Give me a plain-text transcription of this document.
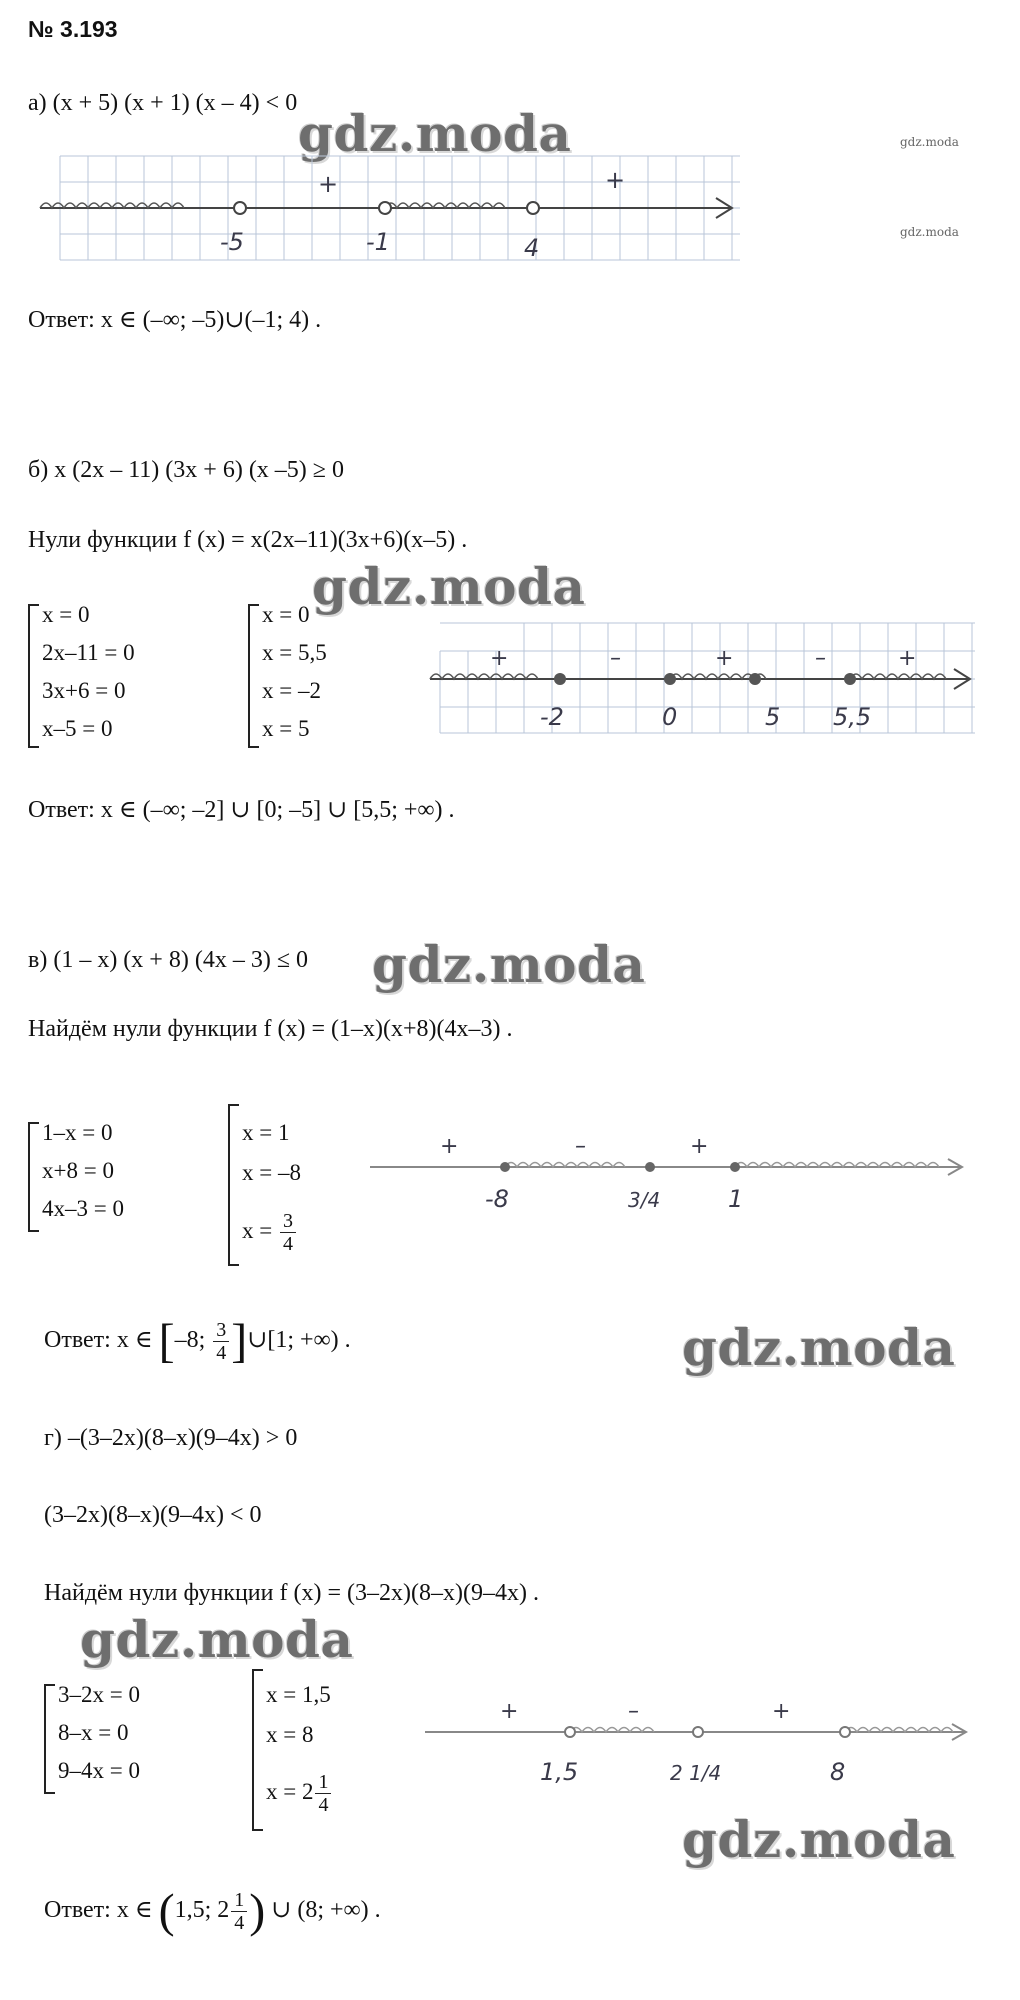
№ 3.193
а) (x + 5) (x + 1) (x – 4) < 0
gdz.moda	gdz.moda
gdz.moda
+	+
-5	-1	4
Ответ: x ∈ (–∞; –5)∪(–1; 4) .
б) x (2x – 11) (3x + 6) (x –5) ≥ 0
Нули функции f (x) = x(2x–11)(3x+6)(x–5) .
gdz.moda
x = 0
2x–11 = 0
3x+6 = 0
x–5 = 0
x = 0
x = 5,5
x = –2
x = 5
+	–	+	–	+
-2	0	5 5,5
Ответ: x ∈ (–∞; –2] ∪ [0; –5] ∪ [5,5; +∞) .
в) (1 – x) (x + 8) (4x – 3) ≤ 0 gdz.moda
Найдём нули функции f (x) = (1–x)(x+8)(4x–3) .
1–x = 0
x+8 = 0
4x–3 = 0
x = 1
x = –8
$x = \frac{3}{4}$
+	–	+
-8	3/4	1
Ответ: x ∈ [–8; $\frac{3}{4}$ ]∪[1; +∞) .	gdz.moda
г) –(3–2x)(8–x)(9–4x) > 0
(3–2x)(8–x)(9–4x) < 0
Найдём нули функции f (x) = (3–2x)(8–x)(9–4x) .
gdz.moda
3–2x = 0
8–x = 0
9–4x = 0
x = 1,5
x = 8
$x = 2 \frac{1}{4}$
+	–	+
1,5	2 1/4	8
gdz.moda
Ответ: x ∈ (1,5; $2 \frac{1}{4}$ ) ∪ (8; +∞) .
